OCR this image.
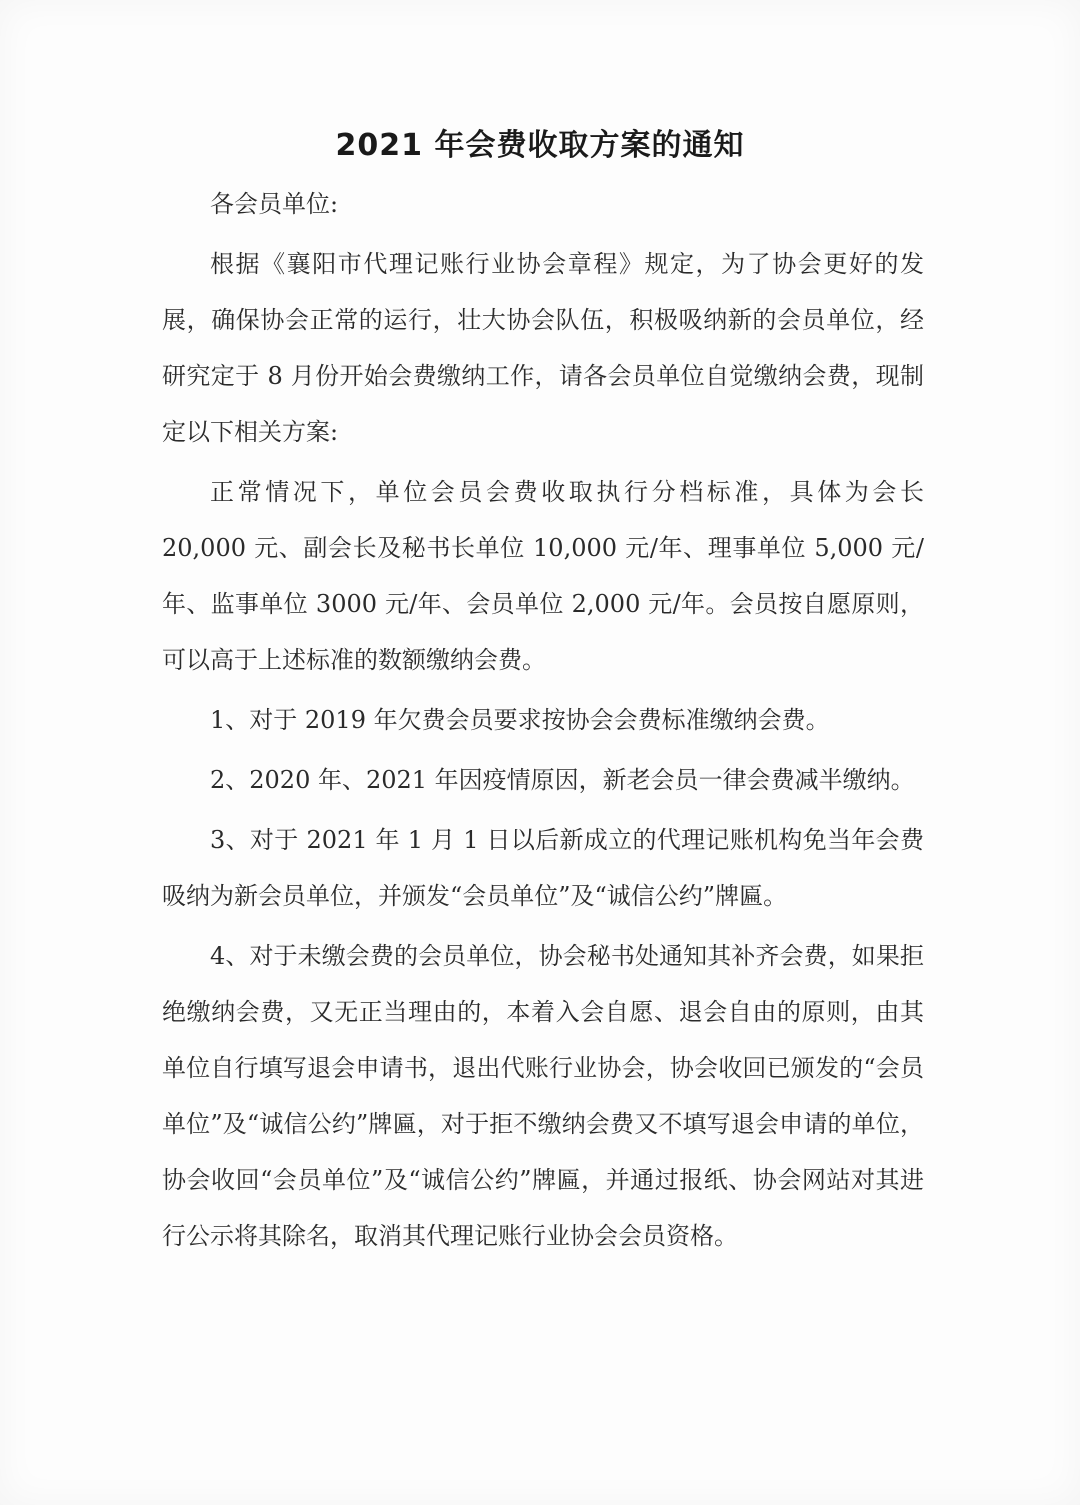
2021 年会费收取方案的通知

各会员单位:

根据《襄阳市代理记账行业协会章程》规定，为了协会更好的发展，确保协会正常的运行，壮大协会队伍，积极吸纳新的会员单位，经研究定于 8 月份开始会费缴纳工作，请各会员单位自觉缴纳会费，现制定以下相关方案:

正常情况下，单位会员会费收取执行分档标准，具体为会长 20,000 元、副会长及秘书长单位 10,000 元/年、理事单位 5,000 元/年、监事单位 3000 元/年、会员单位 2,000 元/年。会员按自愿原则，可以高于上述标准的数额缴纳会费。

1、对于 2019 年欠费会员要求按协会会费标准缴纳会费。

2、2020 年、2021 年因疫情原因，新老会员一律会费减半缴纳。

3、对于 2021 年 1 月 1 日以后新成立的代理记账机构免当年会费吸纳为新会员单位，并颁发“会员单位”及“诚信公约”牌匾。

4、对于未缴会费的会员单位，协会秘书处通知其补齐会费，如果拒绝缴纳会费，又无正当理由的，本着入会自愿、退会自由的原则，由其单位自行填写退会申请书，退出代账行业协会，协会收回已颁发的“会员单位”及“诚信公约”牌匾，对于拒不缴纳会费又不填写退会申请的单位，协会收回“会员单位”及“诚信公约”牌匾，并通过报纸、协会网站对其进行公示将其除名，取消其代理记账行业协会会员资格。
